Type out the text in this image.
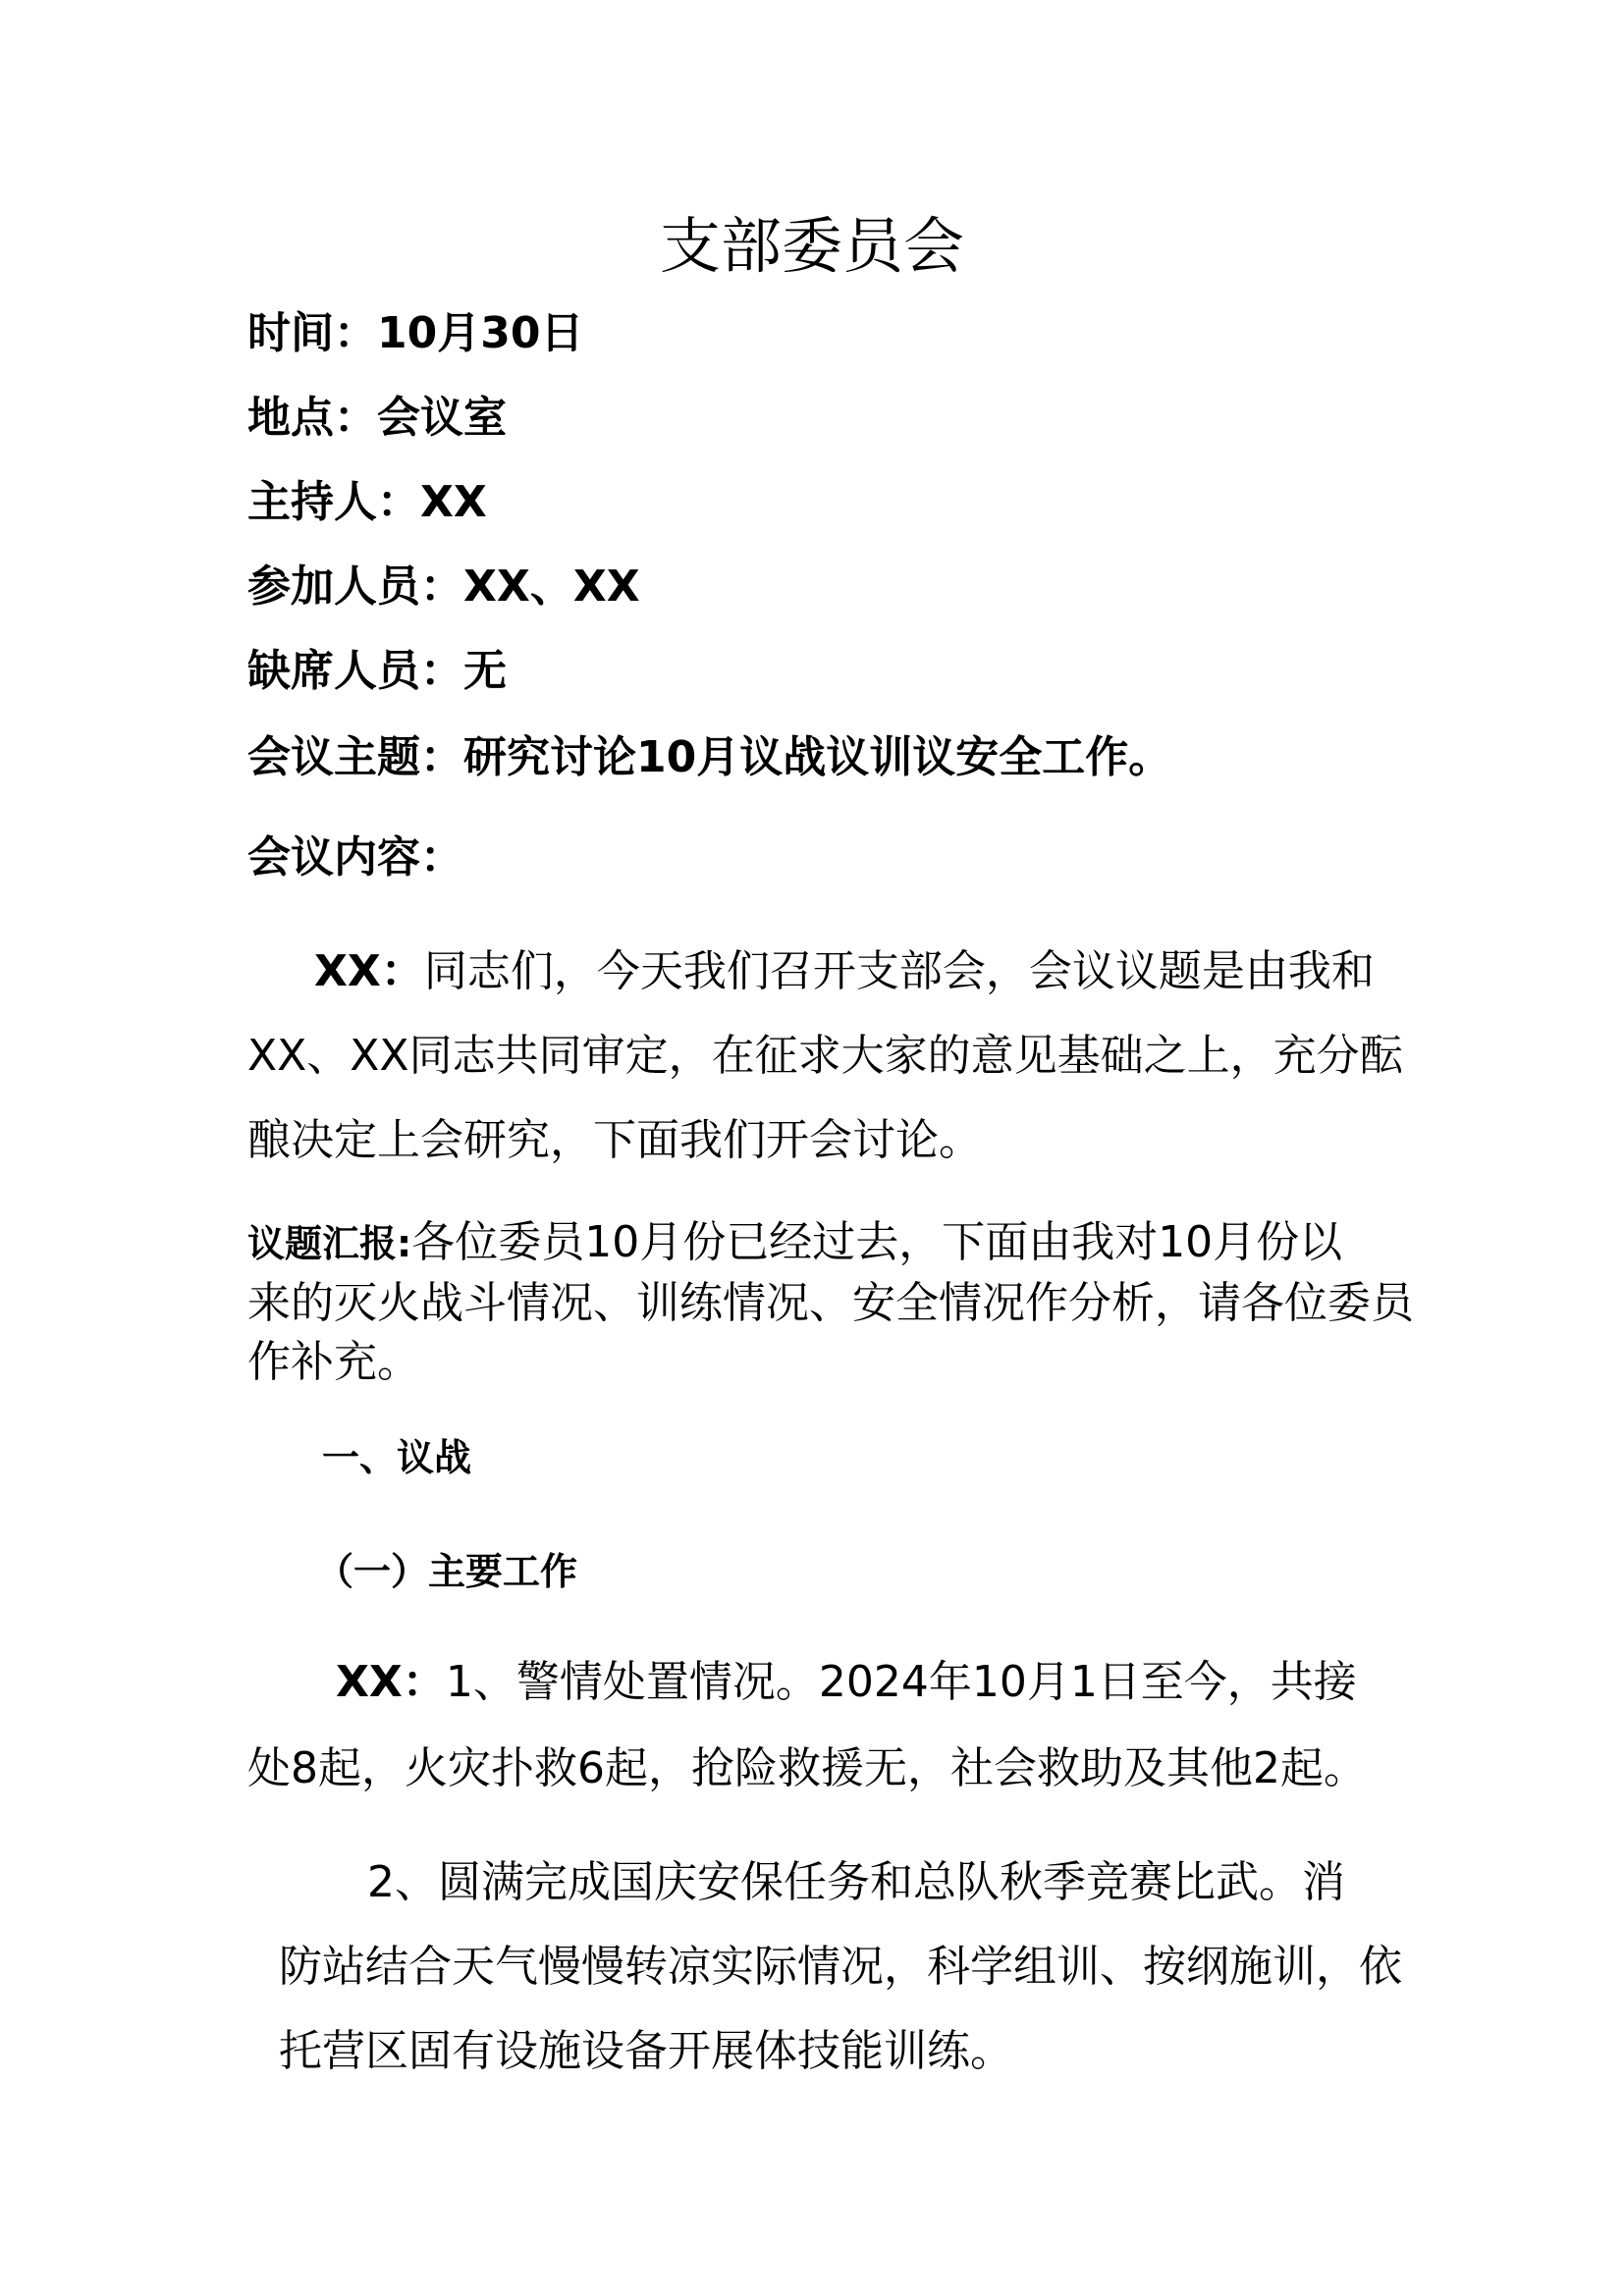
支部委员会
时间：10月30日
地点：会议室
主持人：XX
参加人员：XX、XX
缺席人员：无
会议主题：研究讨论10月议战议训议安全工作。
会议内容：
XX：同志们，今天我们召开支部会，会议议题是由我和
XX、XX同志共同审定，在征求大家的意见基础之上，充分酝
酿决定上会研究，下面我们开会讨论。
议题汇报:各位委员10月份已经过去，下面由我对10月份以
来的灭火战斗情况、训练情况、安全情况作分析，请各位委员
作补充。
一、议战
（一）主要工作
XX：1、警情处置情况。2024年10月1日至今，共接
处8起，火灾扑救6起，抢险救援无，社会救助及其他2起。
2、圆满完成国庆安保任务和总队秋季竞赛比武。消
防站结合天气慢慢转凉实际情况，科学组训、按纲施训，依
托营区固有设施设备开展体技能训练。
